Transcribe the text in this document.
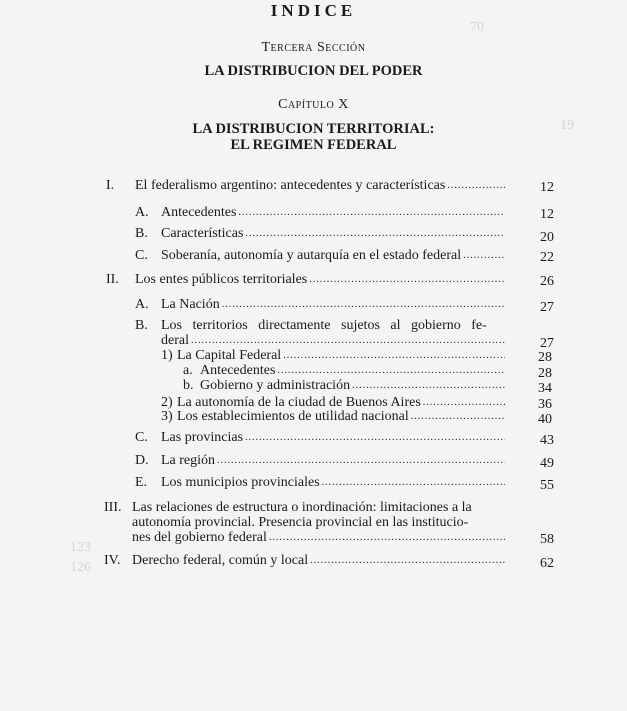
70
19
123
126
INDICE
Tercera Sección
LA DISTRIBUCION DEL PODER
Capítulo X
LA DISTRIBUCION TERRITORIAL:
EL REGIMEN FEDERAL
I. El federalismo argentino: antecedentes y características .....	12
A. Antecedentes .....	12
B. Características .....	20
C. Soberanía, autonomía y autarquía en el estado federal .....	22
II. Los entes públicos territoriales .....	26
A. La Nación .....	27
B. Los territorios directamente sujetos al gobierno fe-
deral .....	27
1) La Capital Federal .....	28
a. Antecedentes .....	28
b. Gobierno y administración .....	34
2) La autonomía de la ciudad de Buenos Aires .....	36
3) Los establecimientos de utilidad nacional .....	40
C. Las provincias .....	43
D. La región .....	49
E. Los municipios provinciales .....	55
III. Las relaciones de estructura o inordinación: limitaciones a la
autonomía provincial. Presencia provincial en las institucio-
nes del gobierno federal .....	58
IV. Derecho federal, común y local .....	62
